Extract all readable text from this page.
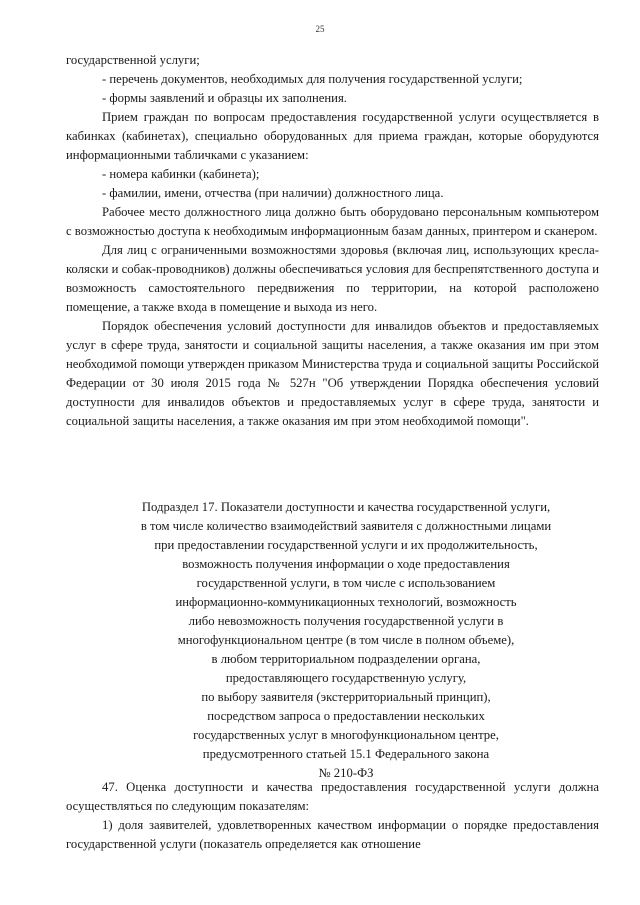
25

государственной услуги;

- перечень документов, необходимых для получения государственной услуги;

- формы заявлений и образцы их заполнения.

Прием граждан по вопросам предоставления государственной услуги осуществляется в кабинках (кабинетах), специально оборудованных для приема граждан, которые оборудуются информационными табличками с указанием:

- номера кабинки (кабинета);

- фамилии, имени, отчества (при наличии) должностного лица.

Рабочее место должностного лица должно быть оборудовано персональным компьютером с возможностью доступа к необходимым информационным базам данных, принтером и сканером.

Для лиц с ограниченными возможностями здоровья (включая лиц, использующих кресла-коляски и собак-проводников) должны обеспечиваться условия для беспрепятственного доступа и возможность самостоятельного передвижения по территории, на которой расположено помещение, а также входа в помещение и выхода из него.

Порядок обеспечения условий доступности для инвалидов объектов и предоставляемых услуг в сфере труда, занятости и социальной защиты населения, а также оказания им при этом необходимой помощи утвержден приказом Министерства труда и социальной защиты Российской Федерации от 30 июля 2015 года № 527н "Об утверждении Порядка обеспечения условий доступности для инвалидов объектов и предоставляемых услуг в сфере труда, занятости и социальной защиты населения, а также оказания им при этом необходимой помощи".

Подраздел 17. Показатели доступности и качества государственной услуги,
в том числе количество взаимодействий заявителя с должностными лицами
при предоставлении государственной услуги и их продолжительность,
возможность получения информации о ходе предоставления
государственной услуги, в том числе с использованием
информационно-коммуникационных технологий, возможность
либо невозможность получения государственной услуги в
многофункциональном центре (в том числе в полном объеме),
в любом территориальном подразделении органа,
предоставляющего государственную услугу,
по выбору заявителя (экстерриториальный принцип),
посредством запроса о предоставлении нескольких
государственных услуг в многофункциональном центре,
предусмотренного статьей 15.1 Федерального закона
№ 210-ФЗ

47. Оценка доступности и качества предоставления государственной услуги должна осуществляться по следующим показателям:

1) доля заявителей, удовлетворенных качеством информации о порядке предоставления государственной услуги (показатель определяется как отношение
